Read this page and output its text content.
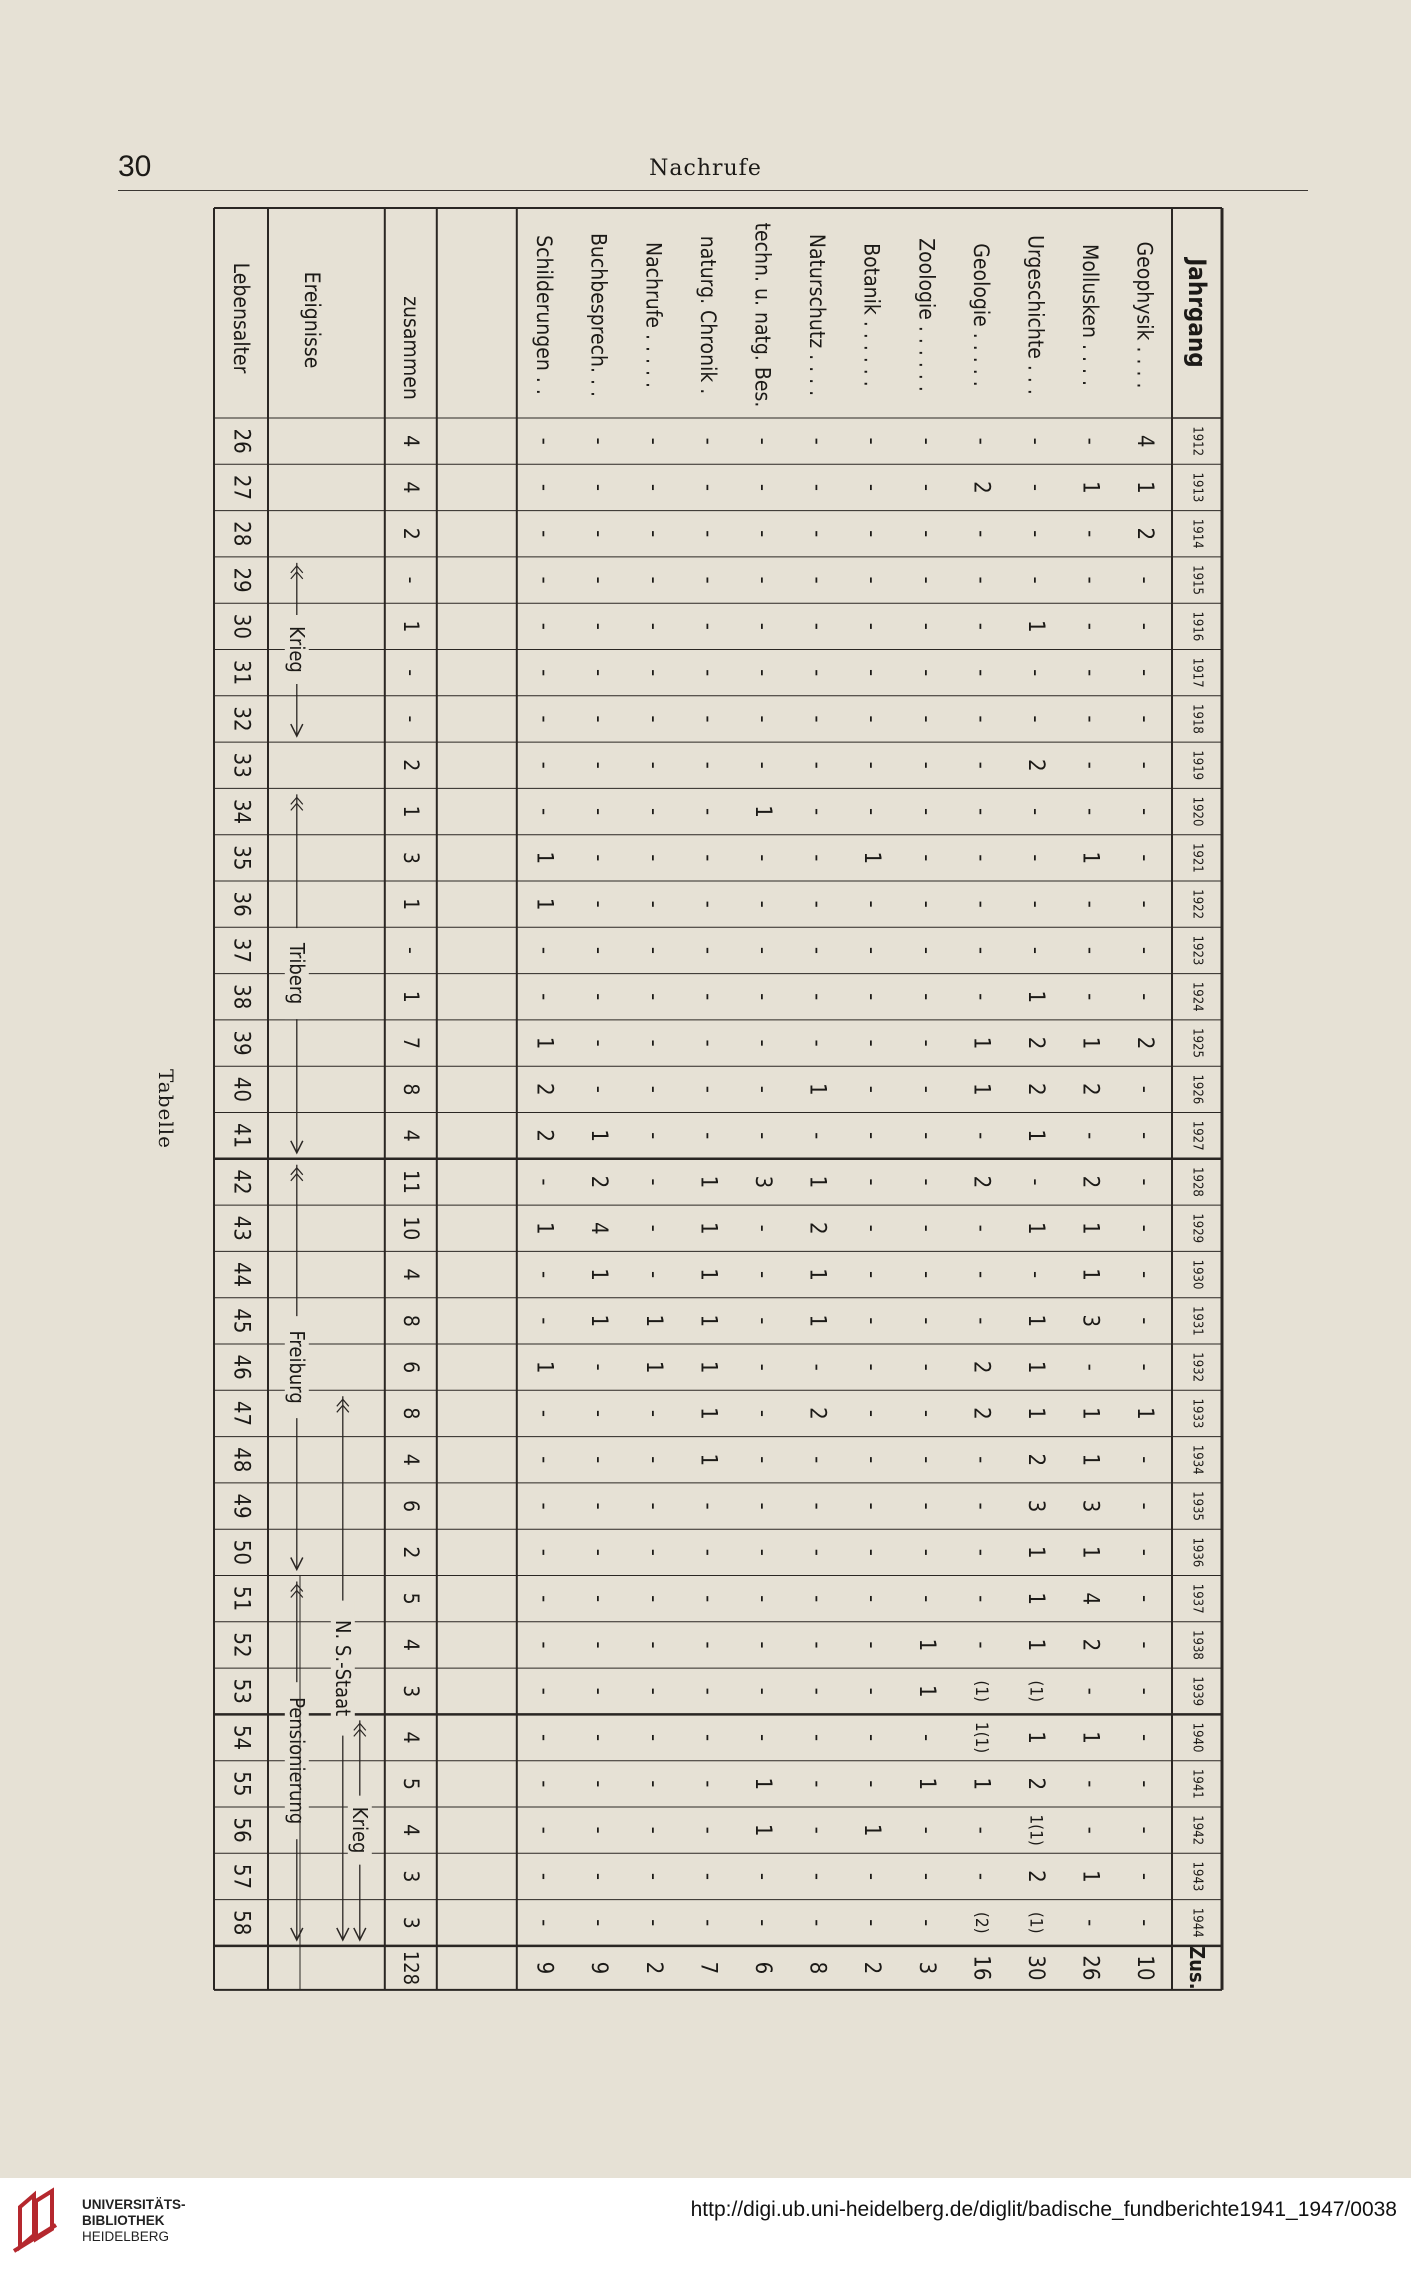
30	Nachrufe
Jahrgang
1912
1913
1914
1915
1916
1917
1918
1919
1920
1921
1922
1923
1924
1925
1926
1927
1928
1929
1930
1931
1932
1933
1934
1935
1936
1937
1938
1939
1940
1941
1942
1943
1944
Zus.
Geophysik . . . .
4
1
2
-
-
-
-
-
-
-
-
-
-
2
-
-
-
-
-
-
-
1
-
-
-
-
-
-
-
-
-
-
-
10
Mollusken . . . .
-
1
-
-
-
-
-
-
-
1
-
-
-
1
2
-
2
1
1
3
-
1
1
3
1
4
2
-
1
-
-
1
-
26
Urgeschichte . . .
-
-
-
-
1
-
-
2
-
-
-
-
1
2
2
1
-
1
-
1
1
1
2
3
1
1
1
(1)
1
2
1(1)
2
(1)
30
Geologie . . . . .
-
2
-
-
-
-
-
-
-
-
-
-
-
1
1
-
2
-
-
-
2
2
-
-
-
-
-
(1)
1(1)
1
-
-
(2)
16
Zoologie . . . . . .
-
-
-
-
-
-
-
-
-
-
-
-
-
-
-
-
-
-
-
-
-
-
-
-
-
-
1
1
-
1
-
-
-
3
Botanik . . . . . .
-
-
-
-
-
-
-
-
-
1
-
-
-
-
-
-
-
-
-
-
-
-
-
-
-
-
-
-
-
-
1
-
-
2
Naturschutz . . . .
-
-
-
-
-
-
-
-
-
-
-
-
-
-
1
-
1
2
1
1
-
2
-
-
-
-
-
-
-
-
-
-
-
8
techn. u. natg. Bes.
-
-
-
-
-
-
-
-
1
-
-
-
-
-
-
-
3
-
-
-
-
-
-
-
-
-
-
-
-
1
1
-
-
6
naturg. Chronik .
-
-
-
-
-
-
-
-
-
-
-
-
-
-
-
-
1
1
1
1
1
1
1
-
-
-
-
-
-
-
-
-
-
7
Nachrufe . . . . .
-
-
-
-
-
-
-
-
-
-
-
-
-
-
-
-
-
-
-
1
1
-
-
-
-
-
-
-
-
-
-
-
-
2
Buchbesprech. . .
-
-
-
-
-
-
-
-
-
-
-
-
-
-
-
1
2
4
1
1
-
-
-
-
-
-
-
-
-
-
-
-
-
9
Schilderungen . .
-
-
-
-
-
-
-
-
-
1
1
-
-
1
2
2
-
1
-
-
1
-
-
-
-
-
-
-
-
-
-
-
-
9
zusammen
4
4
2
-
1
-
-
2
1
3
1
-
1
7
8
4
11
10
4
8
6
8
4
6
2
5
4
3
4
5
4
3
3
128
Ereignisse
Krieg
Triberg
Freiburg
N. S.-Staat
Pensionierung
Krieg
Lebensalter
26
27
28
29
30
31
32
33
34
35
36
37
38
39
40
41
42
43
44
45
46
47
48
49
50
51
52
53
54
55
56
57
58
Tabelle
UNIVERSITÄTS-
BIBLIOTHEK
HEIDELBERG
http://digi.ub.uni-heidelberg.de/diglit/badische_fundberichte1941_1947/0038
